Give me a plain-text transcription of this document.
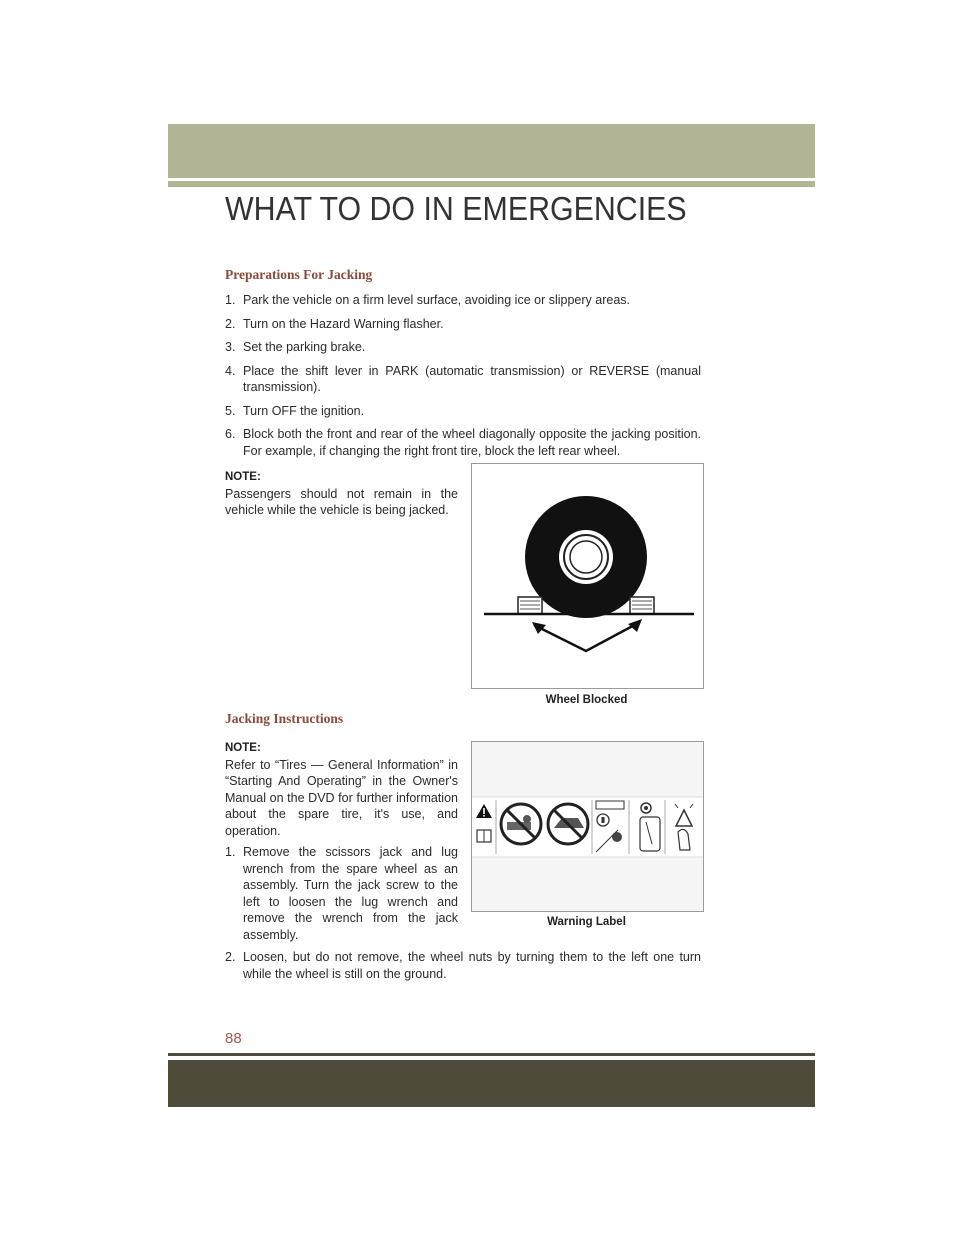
WHAT TO DO IN EMERGENCIES
Preparations For Jacking
1. Park the vehicle on a firm level surface, avoiding ice or slippery areas.
2. Turn on the Hazard Warning flasher.
3. Set the parking brake.
4. Place the shift lever in PARK (automatic transmission) or REVERSE (manual transmission).
5. Turn OFF the ignition.
6. Block both the front and rear of the wheel diagonally opposite the jacking position. For example, if changing the right front tire, block the left rear wheel.
NOTE:
Passengers should not remain in the vehicle while the vehicle is being jacked.
Wheel Blocked
Jacking Instructions
NOTE:
Refer to “Tires — General Information” in “Starting And Operating” in the Owner's Manual on the DVD for further information about the spare tire, it's use, and operation.
1. Remove the scissors jack and lug wrench from the spare wheel as an assembly. Turn the jack screw to the left to loosen the lug wrench and remove the wrench from the jack assembly.
2. Loosen, but do not remove, the wheel nuts by turning them to the left one turn while the wheel is still on the ground.
Warning Label
88
